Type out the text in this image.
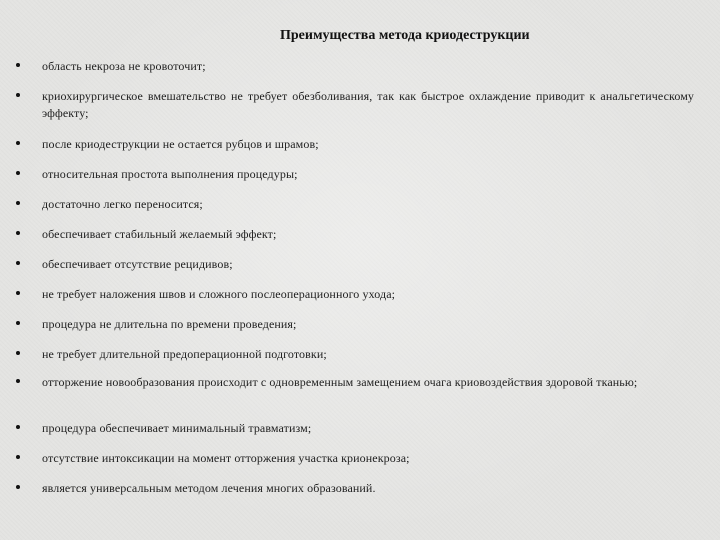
Преимущества метода криодеструкции
область некроза не кровоточит;
криохирургическое вмешательство не требует обезболивания, так как быстрое охлаждение приводит к анальгетическому эффекту;
после криодеструкции не остается рубцов и шрамов;
относительная простота выполнения процедуры;
достаточно легко переносится;
обеспечивает стабильный желаемый эффект;
обеспечивает отсутствие рецидивов;
не требует наложения швов и сложного послеоперационного ухода;
процедура не длительна по времени проведения;
не требует длительной предоперационной подготовки;
отторжение новообразования происходит с одновременным замещением очага криовоздействия здоровой тканью;
процедура обеспечивает минимальный травматизм;
отсутствие интоксикации на момент отторжения участка крионекроза;
является универсальным методом лечения многих образований.
